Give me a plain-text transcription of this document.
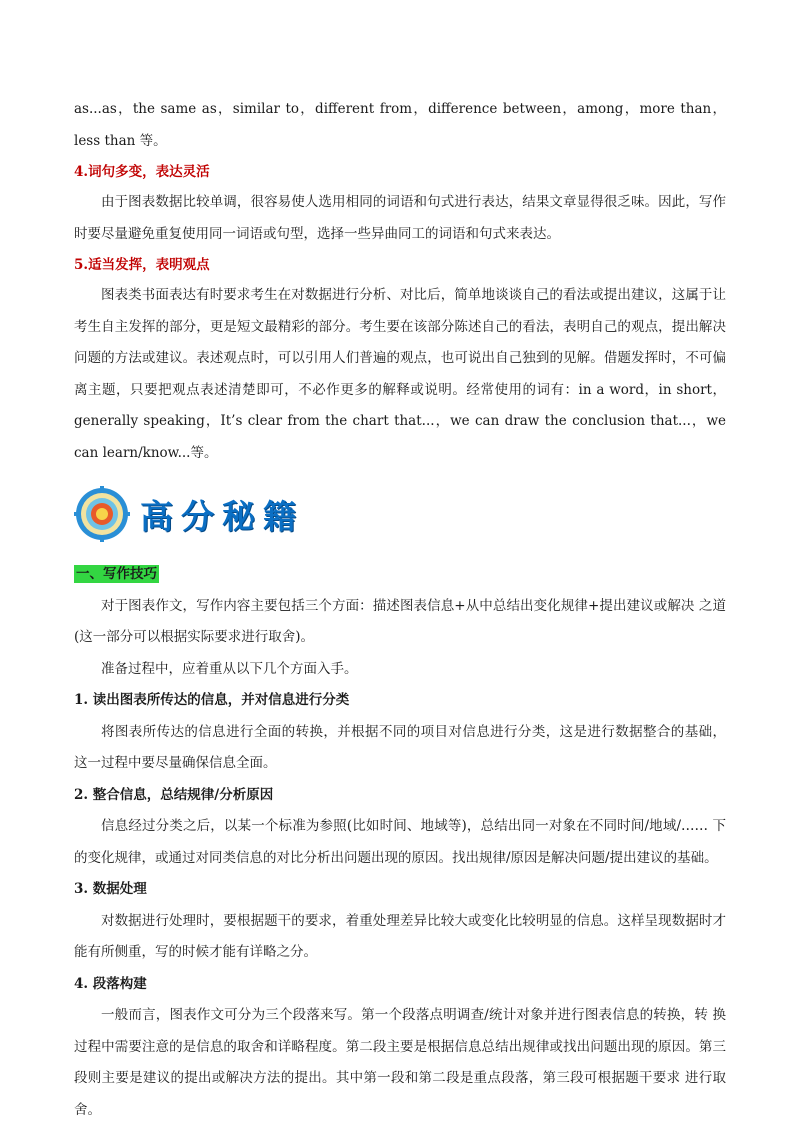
as...as，the same as，similar to，different from，difference between，among，more than，less than 等。

4.词句多变，表达灵活

由于图表数据比较单调，很容易使人选用相同的词语和句式进行表达，结果文章显得很乏味。因此，写作时要尽量避免重复使用同一词语或句型，选择一些异曲同工的词语和句式来表达。

5.适当发挥，表明观点

图表类书面表达有时要求考生在对数据进行分析、对比后，简单地谈谈自己的看法或提出建议，这属于让考生自主发挥的部分，更是短文最精彩的部分。考生要在该部分陈述自己的看法，表明自己的观点，提出解决问题的方法或建议。表述观点时，可以引用人们普遍的观点，也可说出自己独到的见解。借题发挥时，不可偏离主题，只要把观点表述清楚即可，不必作更多的解释或说明。经常使用的词有：in a word，in short，generally speaking，It’s clear from the chart that...，we can draw the conclusion that...，we can learn/know...等。

高分秘籍
一、写作技巧

对于图表作文，写作内容主要包括三个方面：描述图表信息+从中总结出变化规律+提出建议或解决 之道(这一部分可以根据实际要求进行取舍)。

准备过程中，应着重从以下几个方面入手。

1. 读出图表所传达的信息，并对信息进行分类

将图表所传达的信息进行全面的转换，并根据不同的项目对信息进行分类，这是进行数据整合的基础， 这一过程中要尽量确保信息全面。

2. 整合信息，总结规律/分析原因

信息经过分类之后，以某一个标准为参照(比如时间、地域等)，总结出同一对象在不同时间/地域/…… 下的变化规律，或通过对同类信息的对比分析出问题出现的原因。找出规律/原因是解决问题/提出建议的基础。

3. 数据处理

对数据进行处理时，要根据题干的要求，着重处理差异比较大或变化比较明显的信息。这样呈现数据时才能有所侧重，写的时候才能有详略之分。

4. 段落构建

一般而言，图表作文可分为三个段落来写。第一个段落点明调查/统计对象并进行图表信息的转换，转 换过程中需要注意的是信息的取舍和详略程度。第二段主要是根据信息总结出规律或找出问题出现的原因。第三段则主要是建议的提出或解决方法的提出。其中第一段和第二段是重点段落，第三段可根据题干要求 进行取舍。
